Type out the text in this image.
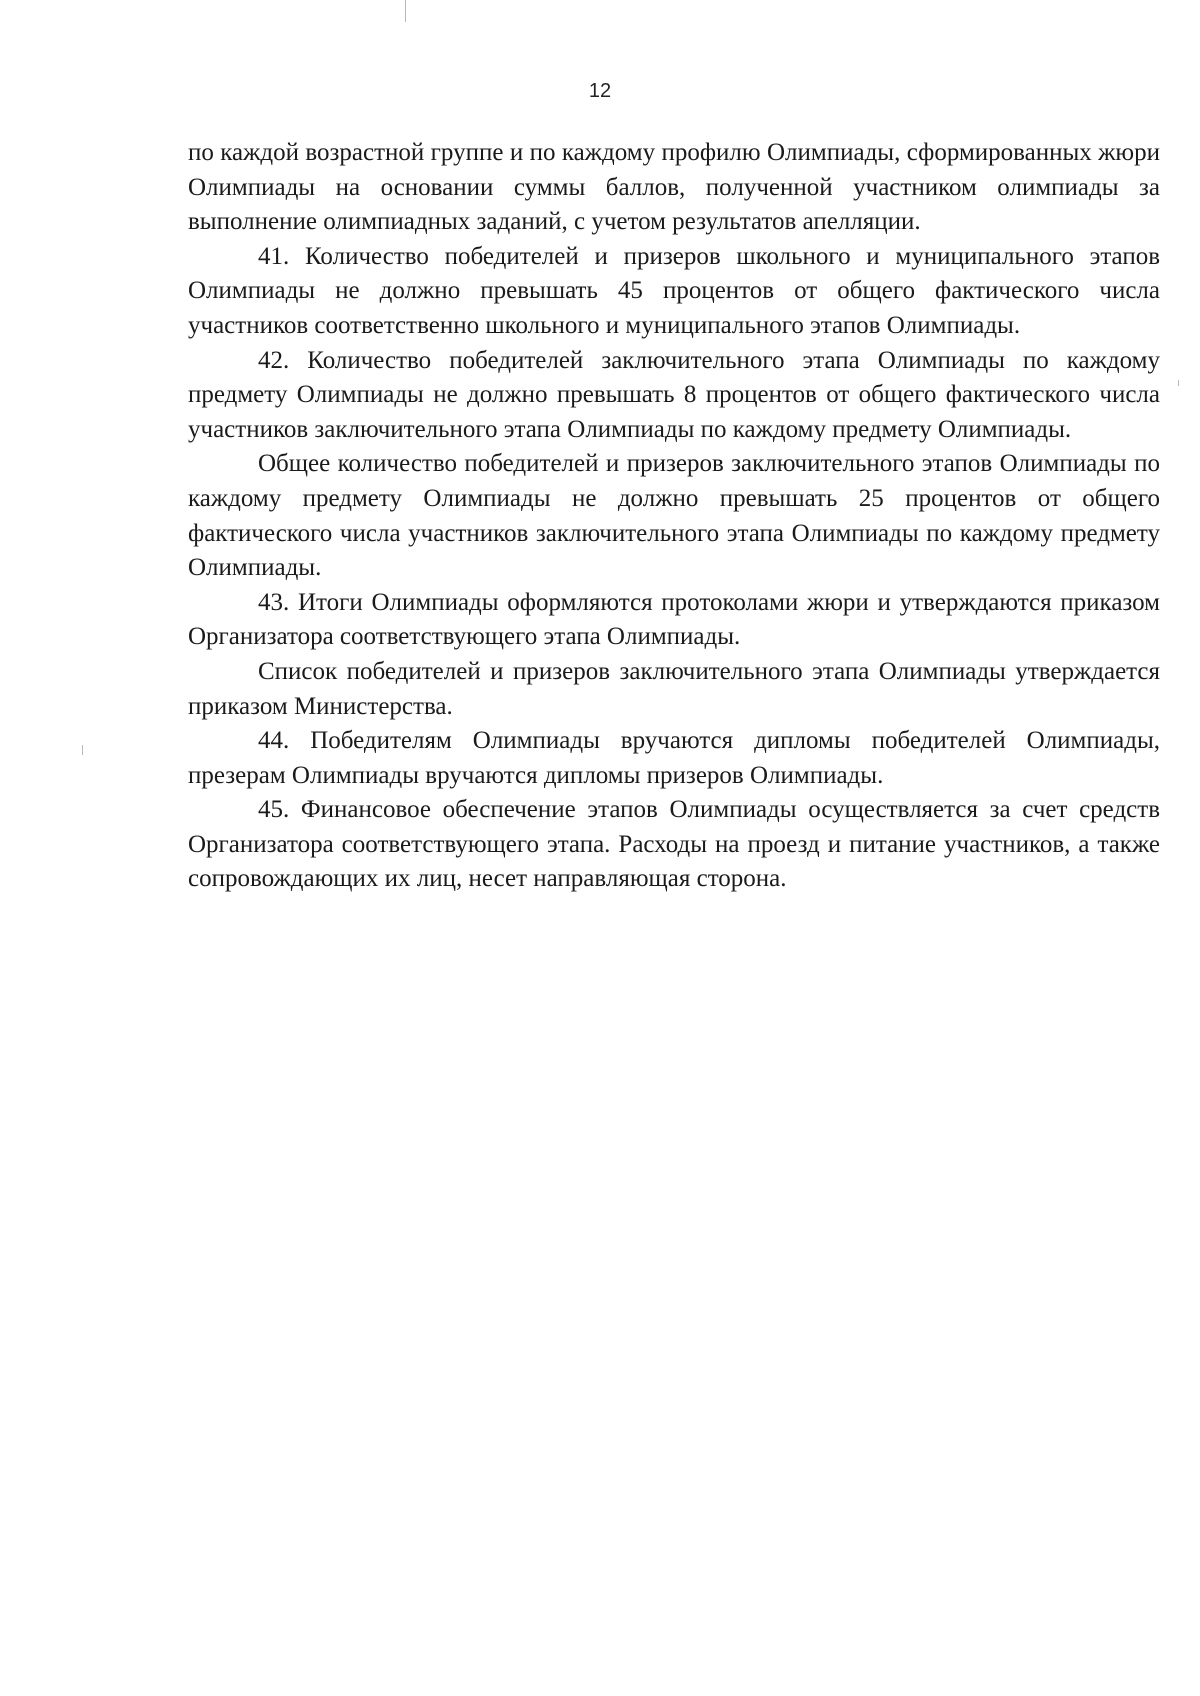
12

по каждой возрастной группе и по каждому профилю Олимпиады, сформированных жюри Олимпиады на основании суммы баллов, полученной участником олимпиады за выполнение олимпиадных заданий, с учетом результатов апелляции.

41. Количество победителей и призеров школьного и муниципального этапов Олимпиады не должно превышать 45 процентов от общего фактического числа участников соответственно школьного и муниципального этапов Олимпиады.

42. Количество победителей заключительного этапа Олимпиады по каждому предмету Олимпиады не должно превышать 8 процентов от общего фактического числа участников заключительного этапа Олимпиады по каждому предмету Олимпиады.

Общее количество победителей и призеров заключительного этапов Олимпиады по каждому предмету Олимпиады не должно превышать 25 процентов от общего фактического числа участников заключительного этапа Олимпиады по каждому предмету Олимпиады.

43. Итоги Олимпиады оформляются протоколами жюри и утверждаются приказом Организатора соответствующего этапа Олимпиады.

Список победителей и призеров заключительного этапа Олимпиады утверждается приказом Министерства.

44. Победителям Олимпиады вручаются дипломы победителей Олимпиады, презерам Олимпиады вручаются дипломы призеров Олимпиады.

45. Финансовое обеспечение этапов Олимпиады осуществляется за счет средств Организатора соответствующего этапа. Расходы на проезд и питание участников, а также сопровождающих их лиц, несет направляющая сторона.
